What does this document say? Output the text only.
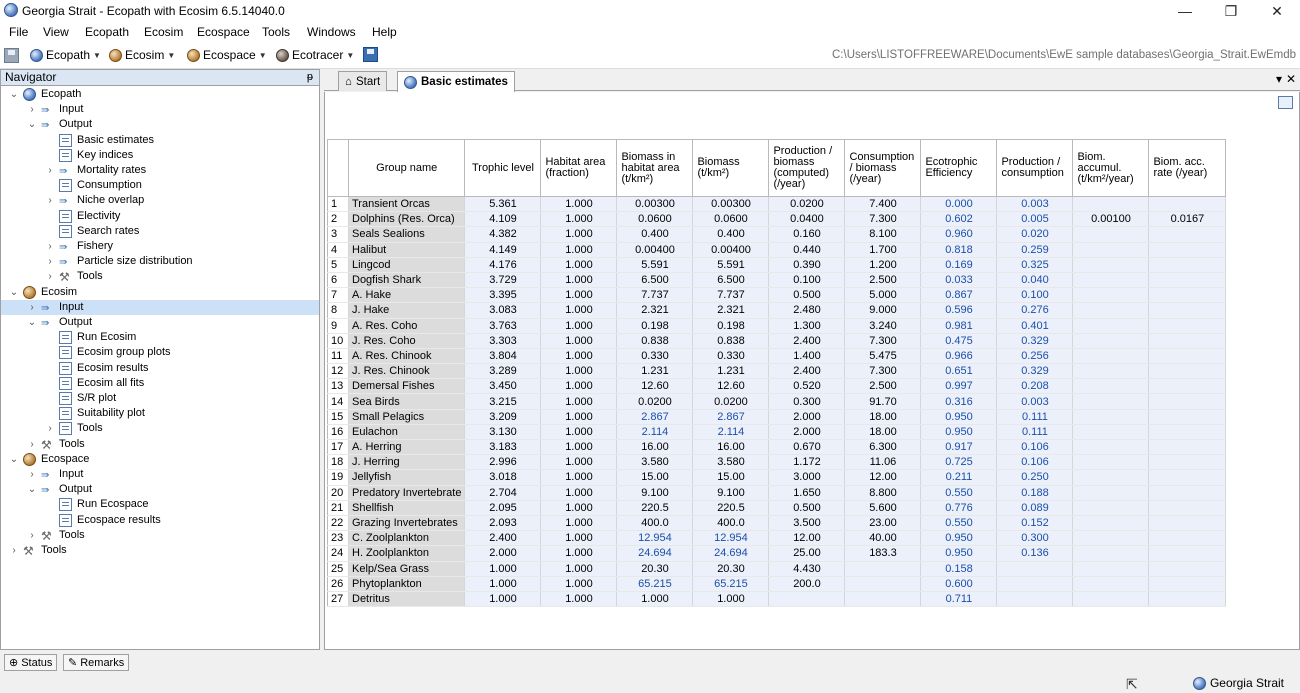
Georgia Strait - Ecopath with Ecosim 6.5.14040.0	—	❐	✕
File View Ecopath Ecosim Ecospace Tools Windows Help
Ecopath ▼ Ecosim ▼ Ecospace ▼ Ecotracer ▼	C:\Users\LISTOFFREEWARE\Documents\EwE sample databases\Georgia_Strait.EwEmdb
Navigator	ᵽ
⌄ Ecopath
› ⇛ Input
⌄ ⇛ Output
Basic estimates
Key indices
› ⇛ Mortality rates
Consumption
› ⇛ Niche overlap
Electivity
Search rates
› ⇛ Fishery
› ⇛ Particle size distribution
› ⚒ Tools
⌄ Ecosim
› ⇛ Input
⌄ ⇛ Output
Run Ecosim
Ecosim group plots
Ecosim results
Ecosim all fits
S/R plot
Suitability plot
›	Tools
› ⚒ Tools
⌄ Ecospace
› ⇛ Input
⌄ ⇛ Output
Run Ecospace
Ecospace results
› ⚒ Tools
› ⚒ Tools
⊕ Status ✎ Remarks
⌂ Start	Basic estimates	▾ ✕
	Group name	Trophic level	Habitat area (fraction)	Biomass in habitat area (t/km²)	Biomass (t/km²)	Production / biomass (computed) (/year)	Consumption / biomass (/year)	Ecotrophic Efficiency	Production / consumption	Biom. accumul. (t/km²/year)	Biom. acc. rate (/year)
1	Transient Orcas	5.361	1.000	0.00300	0.00300	0.0200	7.400	0.000	0.003		
2	Dolphins (Res. Orca)	4.109	1.000	0.0600	0.0600	0.0400	7.300	0.602	0.005	0.00100	0.0167
3	Seals Sealions	4.382	1.000	0.400	0.400	0.160	8.100	0.960	0.020		
4	Halibut	4.149	1.000	0.00400	0.00400	0.440	1.700	0.818	0.259		
5	Lingcod	4.176	1.000	5.591	5.591	0.390	1.200	0.169	0.325		
6	Dogfish Shark	3.729	1.000	6.500	6.500	0.100	2.500	0.033	0.040		
7	A. Hake	3.395	1.000	7.737	7.737	0.500	5.000	0.867	0.100		
8	J. Hake	3.083	1.000	2.321	2.321	2.480	9.000	0.596	0.276		
9	A. Res. Coho	3.763	1.000	0.198	0.198	1.300	3.240	0.981	0.401		
10	J. Res. Coho	3.303	1.000	0.838	0.838	2.400	7.300	0.475	0.329		
11	A. Res. Chinook	3.804	1.000	0.330	0.330	1.400	5.475	0.966	0.256		
12	J. Res. Chinook	3.289	1.000	1.231	1.231	2.400	7.300	0.651	0.329		
13	Demersal Fishes	3.450	1.000	12.60	12.60	0.520	2.500	0.997	0.208		
14	Sea Birds	3.215	1.000	0.0200	0.0200	0.300	91.70	0.316	0.003		
15	Small Pelagics	3.209	1.000	2.867	2.867	2.000	18.00	0.950	0.111		
16	Eulachon	3.130	1.000	2.114	2.114	2.000	18.00	0.950	0.111		
17	A. Herring	3.183	1.000	16.00	16.00	0.670	6.300	0.917	0.106		
18	J. Herring	2.996	1.000	3.580	3.580	1.172	11.06	0.725	0.106		
19	Jellyfish	3.018	1.000	15.00	15.00	3.000	12.00	0.211	0.250		
20	Predatory Invertebrate	2.704	1.000	9.100	9.100	1.650	8.800	0.550	0.188		
21	Shellfish	2.095	1.000	220.5	220.5	0.500	5.600	0.776	0.089		
22	Grazing Invertebrates	2.093	1.000	400.0	400.0	3.500	23.00	0.550	0.152		
23	C. Zoolplankton	2.400	1.000	12.954	12.954	12.00	40.00	0.950	0.300		
24	H. Zoolplankton	2.000	1.000	24.694	24.694	25.00	183.3	0.950	0.136		
25	Kelp/Sea Grass	1.000	1.000	20.30	20.30	4.430		0.158			
26	Phytoplankton	1.000	1.000	65.215	65.215	200.0		0.600			
27	Detritus	1.000	1.000	1.000	1.000			0.711			
Georgia Strait
⇱
